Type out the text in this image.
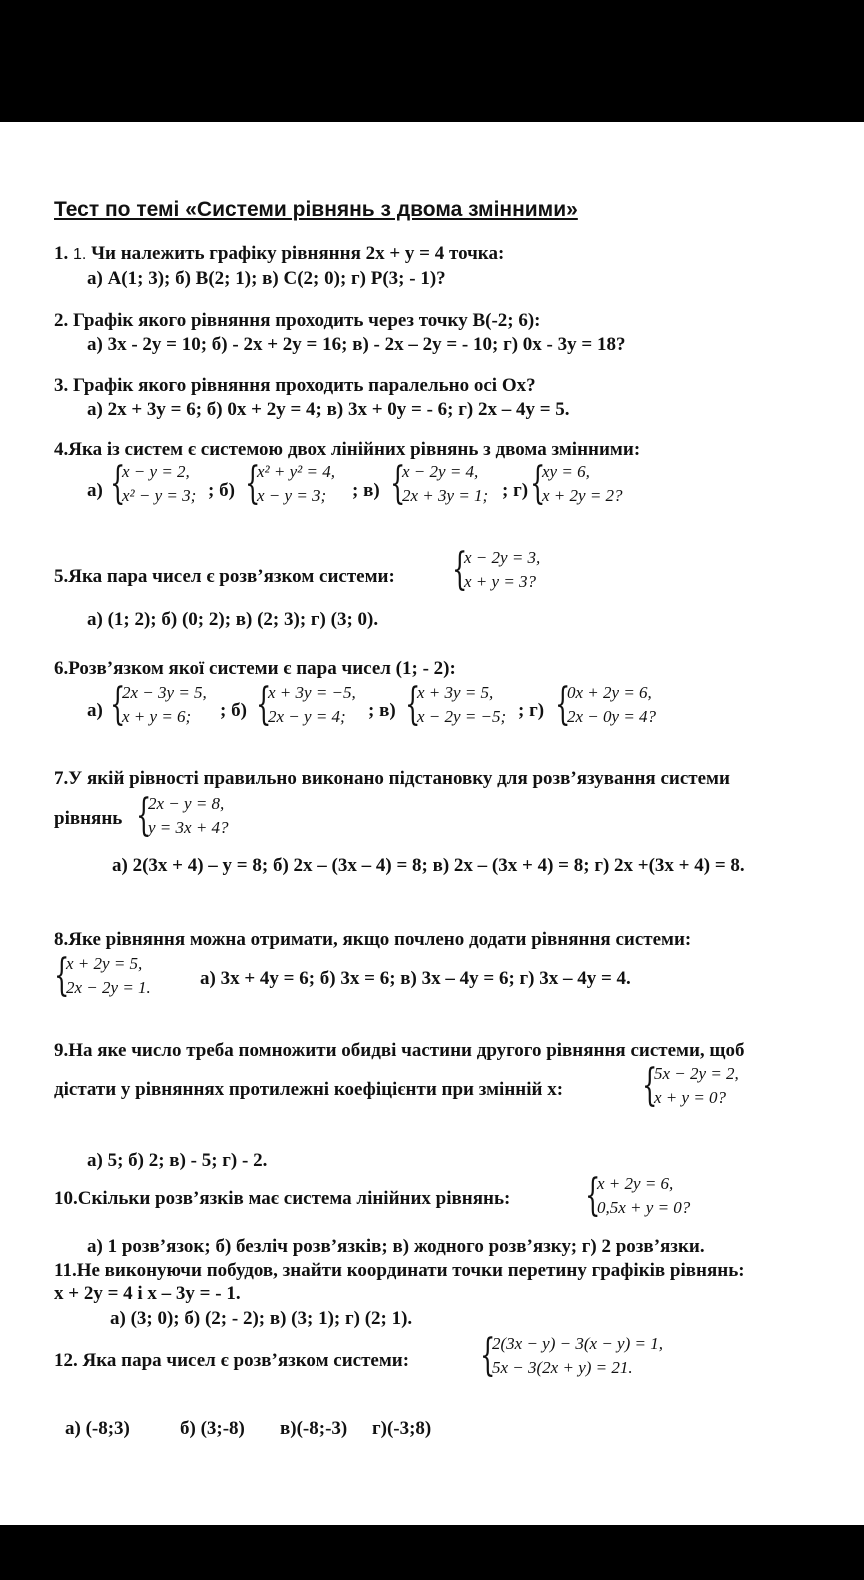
Тест по темі «Системи рівнянь з двома змінними»
1. 1. Чи належить графіку рівняння 2х + у = 4 точка:
а) А(1; 3); б) В(2; 1); в) С(2; 0); г) Р(3; - 1)?
2. Графік якого рівняння проходить через точку В(-2; 6):
а) 3х - 2у = 10; б) - 2х + 2у = 16; в) - 2х – 2у = - 10; г) 0х - 3у = 18?
3. Графік якого рівняння проходить паралельно осі Ох?
а) 2х + 3у = 6; б) 0х + 2у = 4; в) 3х + 0у = - 6; г) 2х – 4у = 5.
4.Яка із систем є системою двох лінійних рівнянь з двома змінними:
а) {
x − y = 2,
x² − y = 3; ; б) {
x² + y² = 4,
x − y = 3;	; в) {
x − 2y = 4,
2x + 3y = 1; ; г) {
xy = 6,
x + 2y = 2?
5.Яка пара чисел є розв’язком системи: {
x − 2y = 3,
x + y = 3?
а) (1; 2); б) (0; 2); в) (2; 3); г) (3; 0).
6.Розв’язком якої системи є пара чисел (1; - 2):
а) {
2x − 3y = 5,
x + y = 6;	; б) {
x + 3y = −5,
2x − y = 4;	; в) {
x + 3y = 5,
x − 2y = −5; ; г) {
0x + 2y = 6,
2x − 0y = 4?
7.У якій рівності правильно виконано підстановку для розв’язування системи
рівнянь {
2x − y = 8,
y = 3x + 4?
а) 2(3х + 4) – у = 8; б) 2х – (3х – 4) = 8; в) 2х – (3х + 4) = 8; г) 2х +(3х + 4) = 8.
8.Яке рівняння можна отримати, якщо почлено додати рівняння системи:
{
x + 2y = 5,
2x − 2y = 1.	а) 3х + 4у = 6; б) 3х = 6; в) 3х – 4у = 6; г) 3х – 4у = 4.
9.На яке число треба помножити обидві частини другого рівняння системи, щоб
дістати у рівняннях протилежні коефіцієнти при змінній х: {
5x − 2y = 2,
x + y = 0?
а) 5; б) 2; в) - 5; г) - 2.
10.Скільки розв’язків має система лінійних рівнянь: {
x + 2y = 6,
0,5x + y = 0?
а) 1 розв’язок; б) безліч розв’язків; в) жодного розв’язку; г) 2 розв’язки.
11.Не виконуючи побудов, знайти координати точки перетину графіків рівнянь:
х + 2у = 4 і х – 3у = - 1.
а) (3; 0); б) (2; - 2); в) (3; 1); г) (2; 1).
12. Яка пара чисел є розв’язком системи: {
2(3x − y) − 3(x − y) = 1,
5x − 3(2x + y) = 21.
а) (-8;3)	б) (3;-8) в)(-8;-3) г)(-3;8)
